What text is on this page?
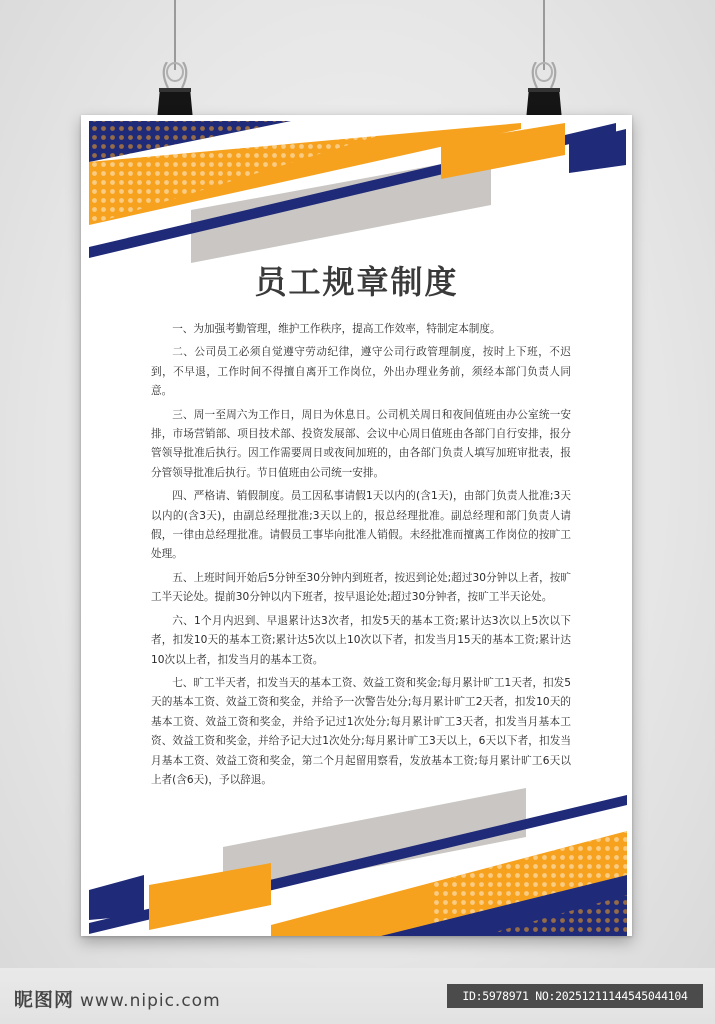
员工规章制度

一、为加强考勤管理，维护工作秩序，提高工作效率，特制定本制度。

二、公司员工必须自觉遵守劳动纪律，遵守公司行政管理制度，按时上下班，不迟到，不早退，工作时间不得擅自离开工作岗位，外出办理业务前，须经本部门负责人同意。

三、周一至周六为工作日，周日为休息日。公司机关周日和夜间值班由办公室统一安排，市场营销部、项目技术部、投资发展部、会议中心周日值班由各部门自行安排，报分管领导批准后执行。因工作需要周日或夜间加班的，由各部门负责人填写加班审批表，报分管领导批准后执行。节日值班由公司统一安排。

四、严格请、销假制度。员工因私事请假1天以内的(含1天)，由部门负责人批准;3天以内的(含3天)，由副总经理批准;3天以上的，报总经理批准。副总经理和部门负责人请假，一律由总经理批准。请假员工事毕向批准人销假。未经批准而擅离工作岗位的按旷工处理。

五、上班时间开始后5分钟至30分钟内到班者，按迟到论处;超过30分钟以上者，按旷工半天论处。提前30分钟以内下班者，按早退论处;超过30分钟者，按旷工半天论处。

六、1个月内迟到、早退累计达3次者，扣发5天的基本工资;累计达3次以上5次以下者，扣发10天的基本工资;累计达5次以上10次以下者，扣发当月15天的基本工资;累计达10次以上者，扣发当月的基本工资。

七、旷工半天者，扣发当天的基本工资、效益工资和奖金;每月累计旷工1天者，扣发5天的基本工资、效益工资和奖金，并给予一次警告处分;每月累计旷工2天者，扣发10天的基本工资、效益工资和奖金，并给予记过1次处分;每月累计旷工3天者，扣发当月基本工资、效益工资和奖金，并给予记大过1次处分;每月累计旷工3天以上，6天以下者，扣发当月基本工资、效益工资和奖金，第二个月起留用察看，发放基本工资;每月累计旷工6天以上者(含6天)，予以辞退。

昵图网 www.nipic.com	ID:5978971 NO:20251211144545044104
